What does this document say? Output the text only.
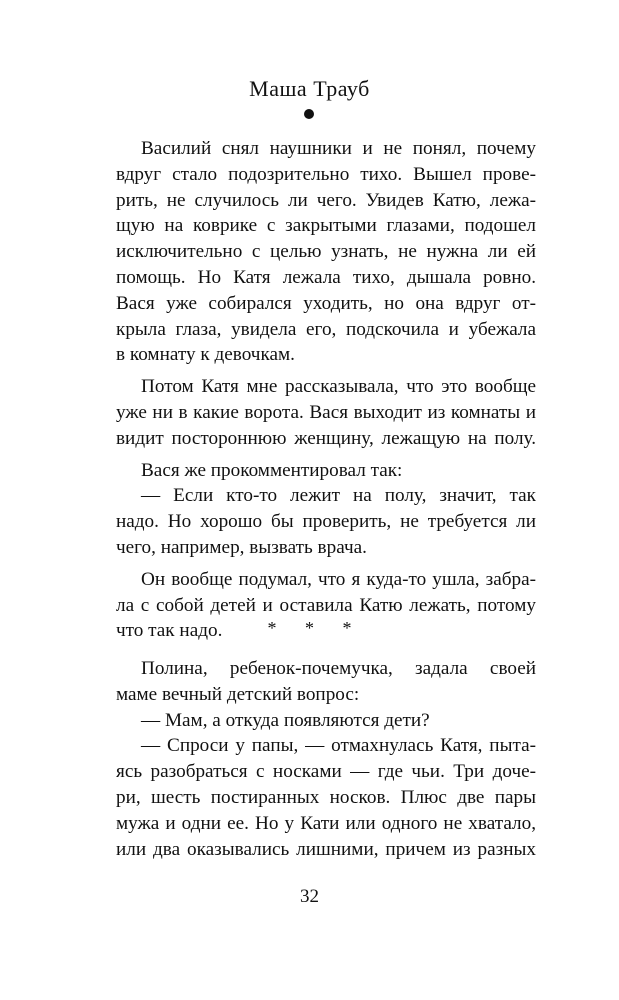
Маша Трауб
Василий снял наушники и не понял, почему
вдруг стало подозрительно тихо. Вышел прове-
рить, не случилось ли чего. Увидев Катю, лежа-
щую на коврике с закрытыми глазами, подошел
исключительно с целью узнать, не нужна ли ей
помощь. Но Катя лежала тихо, дышала ровно.
Вася уже собирался уходить, но она вдруг от-
крыла глаза, увидела его, подскочила и убежала
в комнату к девочкам.
Потом Катя мне рассказывала, что это вообще
уже ни в какие ворота. Вася выходит из комнаты и
видит постороннюю женщину, лежащую на полу.
Вася же прокомментировал так:
— Если кто-то лежит на полу, значит, так
надо. Но хорошо бы проверить, не требуется ли
чего, например, вызвать врача.
Он вообще подумал, что я куда-то ушла, забра-
ла с собой детей и оставила Катю лежать, потому
что так надо.	* * *
Полина, ребенок-почемучка, задала своей
маме вечный детский вопрос:
— Мам, а откуда появляются дети?
— Спроси у папы, — отмахнулась Катя, пыта-
ясь разобраться с носками — где чьи. Три доче-
ри, шесть постиранных носков. Плюс две пары
мужа и одни ее. Но у Кати или одного не хватало,
или два оказывались лишними, причем из разных
32
